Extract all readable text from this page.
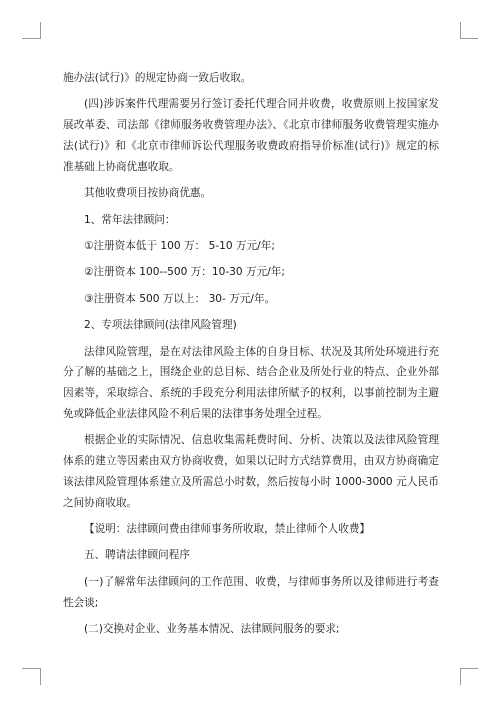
施办法(试行)》的规定协商一致后收取。

(四)涉诉案件代理需要另行签订委托代理合同并收费，收费原则上按国家发展改革委、司法部《律师服务收费管理办法》、《北京市律师服务收费管理实施办法(试行)》和《北京市律师诉讼代理服务收费政府指导价标准(试行)》规定的标准基础上协商优惠收取。

其他收费项目按协商优惠。

1、常年法律顾问：

①注册资本低于 100 万： 5-10 万元/年;

②注册资本 100--500 万：10-30 万元/年;

③注册资本 500 万以上： 30- 万元/年。

2、专项法律顾问(法律风险管理)

法律风险管理，是在对法律风险主体的自身目标、状况及其所处环境进行充分了解的基础之上，围绕企业的总目标、结合企业及所处行业的特点、企业外部因素等，采取综合、系统的手段充分利用法律所赋予的权利，以事前控制为主避免或降低企业法律风险不利后果的法律事务处理全过程。

根据企业的实际情况、信息收集需耗费时间、分析、决策以及法律风险管理体系的建立等因素由双方协商收费，如果以记时方式结算费用，由双方协商确定该法律风险管理体系建立及所需总小时数，然后按每小时 1000-3000 元人民币之间协商收取。

【说明：法律顾问费由律师事务所收取，禁止律师个人收费】

五、聘请法律顾问程序

(一)了解常年法律顾问的工作范围、收费，与律师事务所以及律师进行考查性会谈;

(二)交换对企业、业务基本情况、法律顾问服务的要求;
